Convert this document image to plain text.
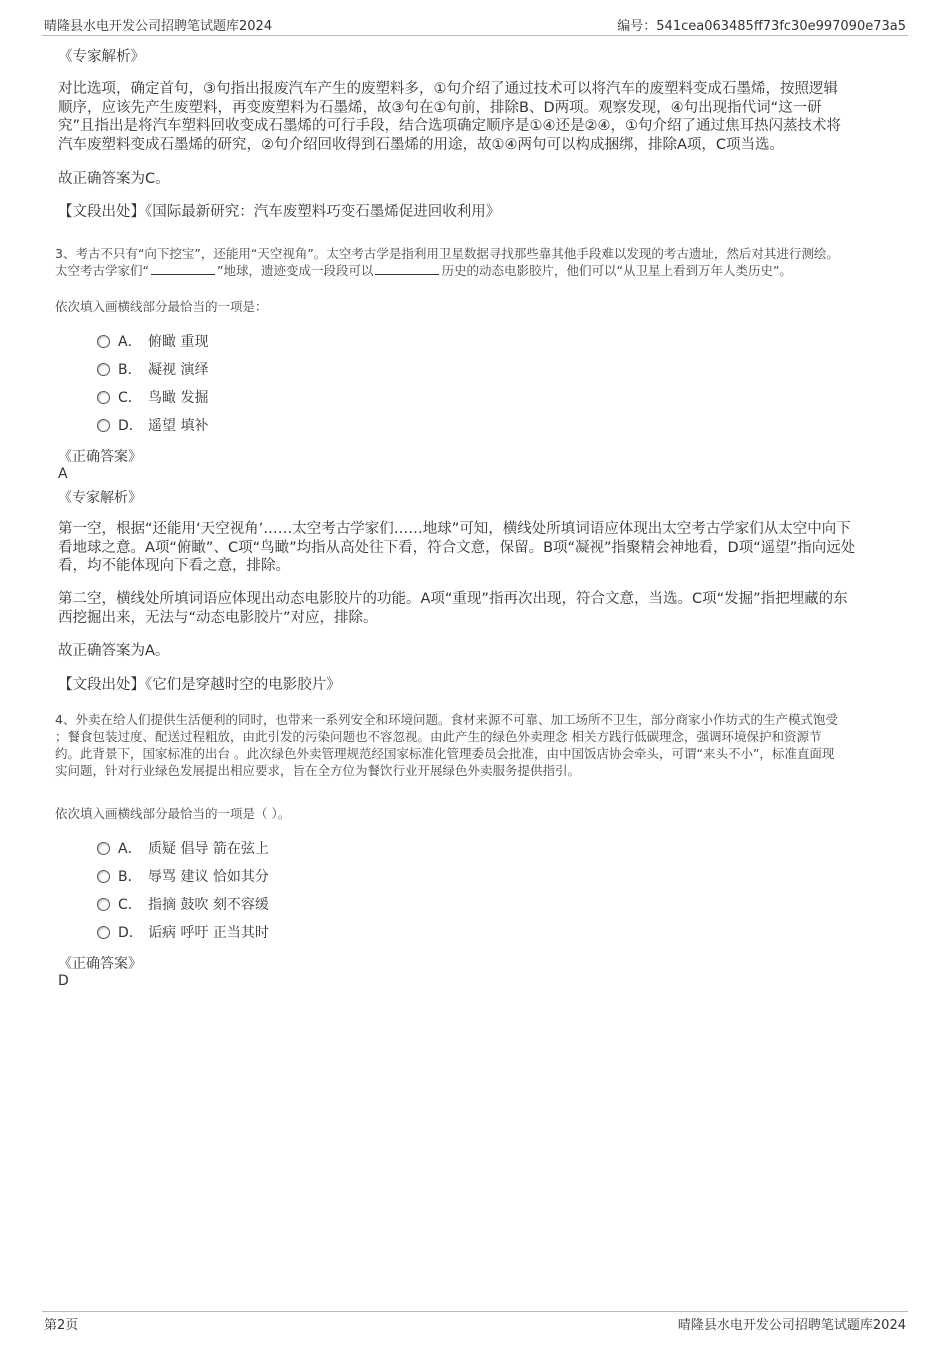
晴隆县水电开发公司招聘笔试题库2024	编号：541cea063485ff73fc30e997090e73a5
《专家解析》
对比选项，确定首句，③句指出报废汽车产生的废塑料多，①句介绍了通过技术可以将汽车的废塑料变成石墨烯，按照逻辑
顺序，应该先产生废塑料，再变废塑料为石墨烯，故③句在①句前，排除B、D两项。观察发现，④句出现指代词“这一研
究”且指出是将汽车塑料回收变成石墨烯的可行手段，结合选项确定顺序是①④还是②④，①句介绍了通过焦耳热闪蒸技术将
汽车废塑料变成石墨烯的研究，②句介绍回收得到石墨烯的用途，故①④两句可以构成捆绑，排除A项，C项当选。
故正确答案为C。
【文段出处】《国际最新研究：汽车废塑料巧变石墨烯促进回收利用》
3、考古不只有“向下挖宝”，还能用“天空视角”。太空考古学是指利用卫星数据寻找那些靠其他手段难以发现的考古遗址，然后对其进行测绘。
太空考古学家们“	”地球，遗迹变成一段段可以	历史的动态电影胶片，他们可以“从卫星上看到万年人类历史”。
依次填入画横线部分最恰当的一项是：
A． 俯瞰 重现
B． 凝视 演绎
C． 鸟瞰 发掘
D． 遥望 填补
《正确答案》
A
《专家解析》
第一空，根据“还能用‘天空视角’……太空考古学家们……地球”可知，横线处所填词语应体现出太空考古学家们从太空中向下
看地球之意。A项“俯瞰”、C项“鸟瞰”均指从高处往下看，符合文意，保留。B项“凝视”指聚精会神地看，D项“遥望”指向远处
看，均不能体现向下看之意，排除。
第二空，横线处所填词语应体现出动态电影胶片的功能。A项“重现”指再次出现，符合文意，当选。C项“发掘”指把埋藏的东
西挖掘出来，无法与“动态电影胶片”对应，排除。
故正确答案为A。
【文段出处】《它们是穿越时空的电影胶片》
4、外卖在给人们提供生活便利的同时，也带来一系列安全和环境问题。食材来源不可靠、加工场所不卫生，部分商家小作坊式的生产模式饱受
；餐食包装过度、配送过程粗放，由此引发的污染问题也不容忽视。由此产生的绿色外卖理念 相关方践行低碳理念，强调环境保护和资源节
约。此背景下，国家标准的出台 。此次绿色外卖管理规范经国家标准化管理委员会批准，由中国饭店协会牵头，可谓“来头不小”，标准直面现
实问题，针对行业绿色发展提出相应要求，旨在全方位为餐饮行业开展绿色外卖服务提供指引。
依次填入画横线部分最恰当的一项是（ ）。
A． 质疑 倡导 箭在弦上
B． 辱骂 建议 恰如其分
C． 指摘 鼓吹 刻不容缓
D． 诟病 呼吁 正当其时
《正确答案》
D
第2页	晴隆县水电开发公司招聘笔试题库2024
